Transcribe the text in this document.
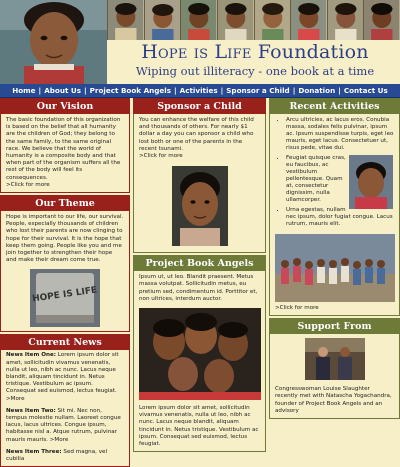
Hope is Life Foundation
Wiping out illiteracy - one book at a time
Home | About Us | Project Book Angels | Activities | Sponsor a Child | Donation | Contact Us
Our Vision
The basic foundation of this organization is based on the belief that all humanity are the children of God; they belong to the same family, to the same original race. We believe that the world of humanity is a composite body and that when part of the organism suffers all the rest of the body will feel its consequences.
>Click for more
Our Theme
Hope is important to our life, our survival. People, especially thousands of children who lost their parents are now clinging to hope for their survival. It is the hope that keep them going. People like you and me join together to strengthen their hope and make their dream come true.
HOPE IS LIFE
Current News
News Item One: Lorem ipsum dolor sit amet, sollicitudin vivamus venenatis, nulla ut leo, nibh ac nunc. Lacus neque blandit, aliquam tincidunt in. Netus tristique. Vestibulum ac ipsum. Consequat sed euismod, lectus feugiat. >More
News Item Two: Sit mi. Nec non, tempus molestie nullam. Laoreet congue lacus, lacus ultrices. Congue ipsum, habitasse nisl a. Atque rutrum, pulvinar mauris mauris. >More
News Item Three: Sed magna, vel cubilia
Sponsor a Child
You can enhance the welfare of this child and thousands of others. For nearly $1 dollar a day you can sponsor a child who lost both or one of the parents in the recent tsunami.
>Click for more
Project Book Angels
Ipsum ut, ut leo. Blandit praesent. Metus massa volutpat. Sollicitudin metus, eu pretium sed, condimentum id. Porttitor et, non ultrices, interdum auctor.
Lorem ipsum dolor sit amet, sollicitudin vivamus venenatis, nulla ut leo, nibh ac nunc. Lacus neque blandit, aliquam tincidunt in. Netus tristique. Vestibulum ac ipsum. Consequat sed euismod, lectus feugiat.
Recent Activities
• Arcu ultricies, ac lacus eros. Conubia massa, sodales felis pulvinar, ipsum ac. Ipsum suspendisse turpis, eget leo mauris, eget lacus. Consectetuer ut, risus pede, vitae dui.
• Feugiat quisque cras, eu faucibus, ac vestibulum pellentesque. Quam at, consectetur dignissim, nulla ullamcorper.
• Urna egestas, nullam nec ipsum, dolor fugiat congue. Lacus rutrum, mauris elit.
>Click for more
Support From
Congresswoman Louise Slaughter recently met with Natascha Yogachandra, founder of Project Book Angels and an advisory
